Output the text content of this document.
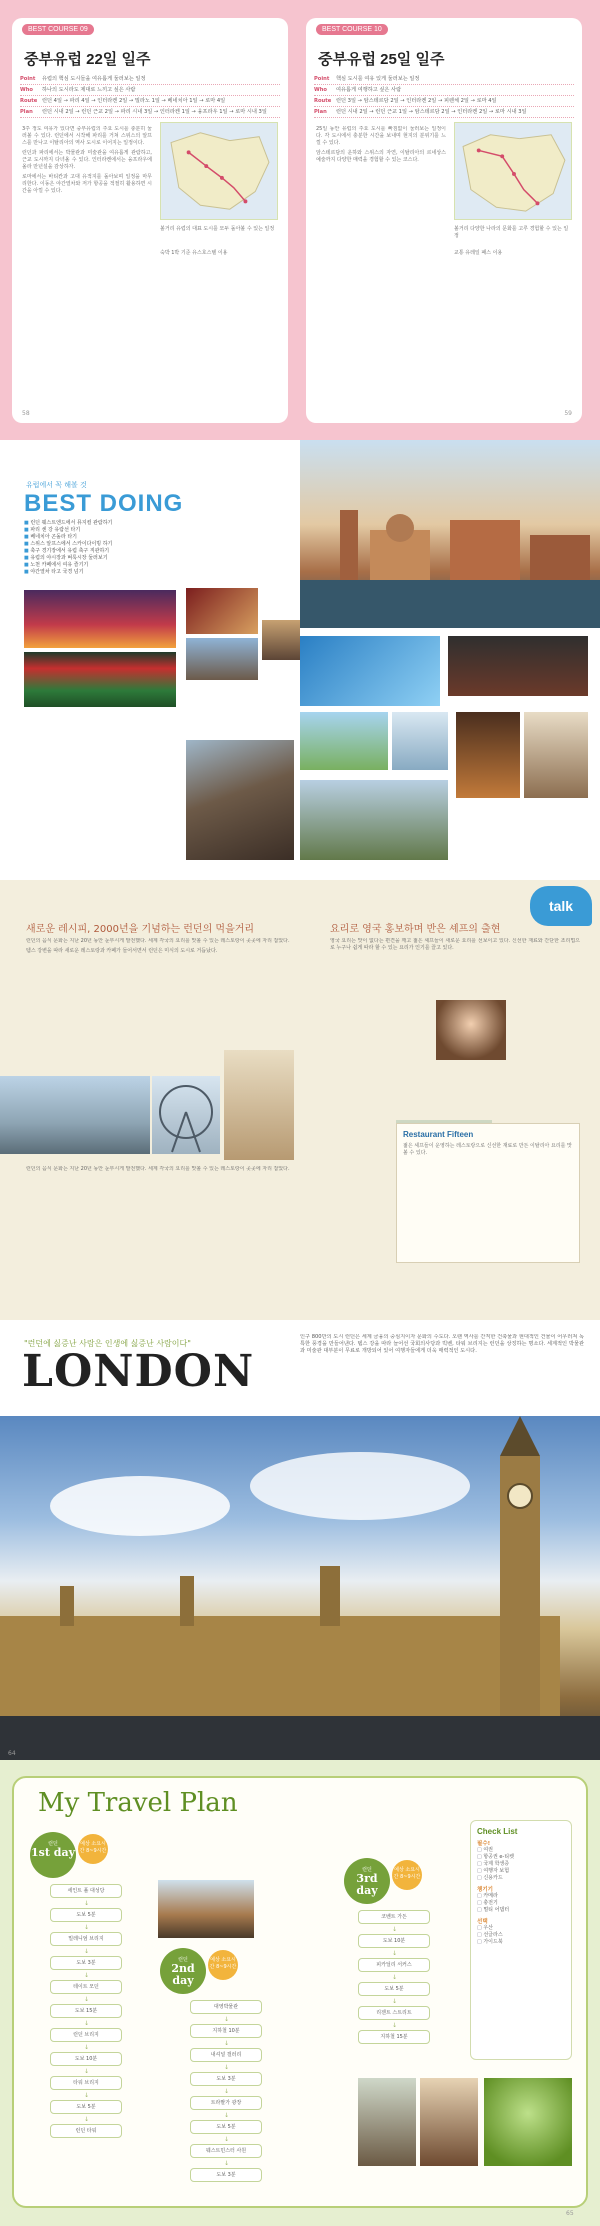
BEST COURSE 09
중부유럽 22일 일주
Point	유럽의 핵심 도시들을 여유롭게 둘러보는 일정
Who	하나의 도시라도 제대로 느끼고 싶은 사람
Route 런던 4일 → 파리 4일 → 인터라켄 2일 → 밀라노 1일 → 베네치아 1일 → 로마 4일
Plan	런던 시내 2일 → 런던 근교 2일 → 파리 시내 3일 → 인터라켄 1일 → 융프라우 1일 → 로마 시내 3일

3주 정도 여유가 있다면 중부유럽의 주요 도시를 충분히 둘러볼 수 있다. 런던에서 시작해 파리를 거쳐 스위스의 알프스를 만나고 이탈리아의 역사 도시로 이어지는 일정이다.

런던과 파리에서는 박물관과 미술관을 여유롭게 관람하고, 근교 도시까지 다녀올 수 있다. 인터라켄에서는 융프라우에 올라 만년설을 감상하자.

로마에서는 바티칸과 고대 유적지를 돌아보며 일정을 마무리한다. 이동은 야간열차와 저가 항공을 적절히 활용하면 시간을 아낄 수 있다.

볼거리 유럽의 대표 도시를 모두 돌아볼 수 있는 일정
숙박 1박 기준 유스호스텔 이용
58
BEST COURSE 10
중부유럽 25일 일주
Point	핵심 도시를 여유 있게 둘러보는 일정
Who	여유롭게 여행하고 싶은 사람
Route 런던 3일 → 암스테르담 2일 → 인터라켄 2일 → 피렌체 2일 → 로마 4일
Plan	런던 시내 2일 → 런던 근교 1일 → 암스테르담 2일 → 인터라켄 2일 → 로마 시내 3일

25일 동안 유럽의 주요 도시를 빠짐없이 둘러보는 일정이다. 각 도시에서 충분한 시간을 보내며 현지의 분위기를 느낄 수 있다.

암스테르담의 운하와 스위스의 자연, 이탈리아의 르네상스 예술까지 다양한 매력을 경험할 수 있는 코스다.

볼거리 다양한 나라의 문화를 고루 경험할 수 있는 일정
교통 유레일 패스 이용
59
유럽에서 꼭 해볼 것
BEST DOING
■ 런던 웨스트엔드에서 뮤지컬 관람하기
■ 파리 센 강 유람선 타기
■ 베네치아 곤돌라 타기
■ 스위스 알프스에서 스카이다이빙 하기
■ 축구 경기장에서 유럽 축구 직관하기
■ 유럽의 야시장과 벼룩시장 둘러보기
■ 노천 카페에서 여유 즐기기
■ 야간열차 타고 국경 넘기
talk
새로운 레시피, 2000년을 기념하는 런던의 먹을거리	요리로 영국 홍보하며 반은 셰프의 출현

런던의 음식 문화는 지난 20년 동안 눈부시게 발전했다. 세계 각국의 요리를 맛볼 수 있는 레스토랑이 곳곳에 자리 잡았다.

템스 강변을 따라 새로운 레스토랑과 카페가 들어서면서 런던은 미식의 도시로 거듭났다.

런던의 음식 문화는 지난 20년 동안 눈부시게 발전했다. 세계 각국의 요리를 맛볼 수 있는 레스토랑이 곳곳에 자리 잡았다.

영국 요리는 맛이 없다는 편견을 깨고 젊은 셰프들이 새로운 요리를 선보이고 있다. 신선한 재료와 간단한 조리법으로 누구나 쉽게 따라 할 수 있는 요리가 인기를 끌고 있다.

Restaurant Fifteen
젊은 셰프들이 운영하는 레스토랑으로 신선한 재료로 만든 이탈리아 요리를 맛볼 수 있다.
"런던에 싫증난 사람은 인생에 싫증난 사람이다"
LONDON

인구 800만의 도시 런던은 세계 금융의 중심지이자 문화의 수도다. 오랜 역사를 간직한 건축물과 현대적인 건물이 어우러져 독특한 풍경을 만들어낸다. 템스 강을 따라 늘어선 국회의사당과 빅벤, 타워 브리지는 런던을 상징하는 명소다. 세계적인 박물관과 미술관 대부분이 무료로 개방되어 있어 여행자들에게 더욱 매력적인 도시다.

64
My Travel Plan
런던
1st day
예상 소요시간 8~9시간
세인트 폴 대성당 ↓
도보 5분 ↓
밀레니엄 브리지 ↓
도보 3분 ↓
테이트 모던 ↓
도보 15분 ↓
런던 브리지 ↓
도보 10분 ↓
타워 브리지 ↓
도보 5분 ↓
런던 타워
런던
2nd day
예상 소요시간 8~9시간
대영박물관 ↓
지하철 10분 ↓
내셔널 갤러리 ↓
도보 3분 ↓
트라팔가 광장 ↓
도보 5분 ↓
웨스트민스터 사원 ↓
도보 3분
런던
3rd day
예상 소요시간 8~9시간
코벤트 가든 ↓
도보 10분 ↓
피카딜리 서커스 ↓
도보 5분 ↓
리젠트 스트리트 ↓
지하철 15분
Check List
필수!
□ 여권
□ 항공권 e-티켓
□ 국제 학생증
□ 여행자 보험
□ 신용카드
챙기기
□ 카메라
□ 충전기
□ 멀티 어댑터
선택
□ 우산
□ 선글라스
□ 가이드북
65
